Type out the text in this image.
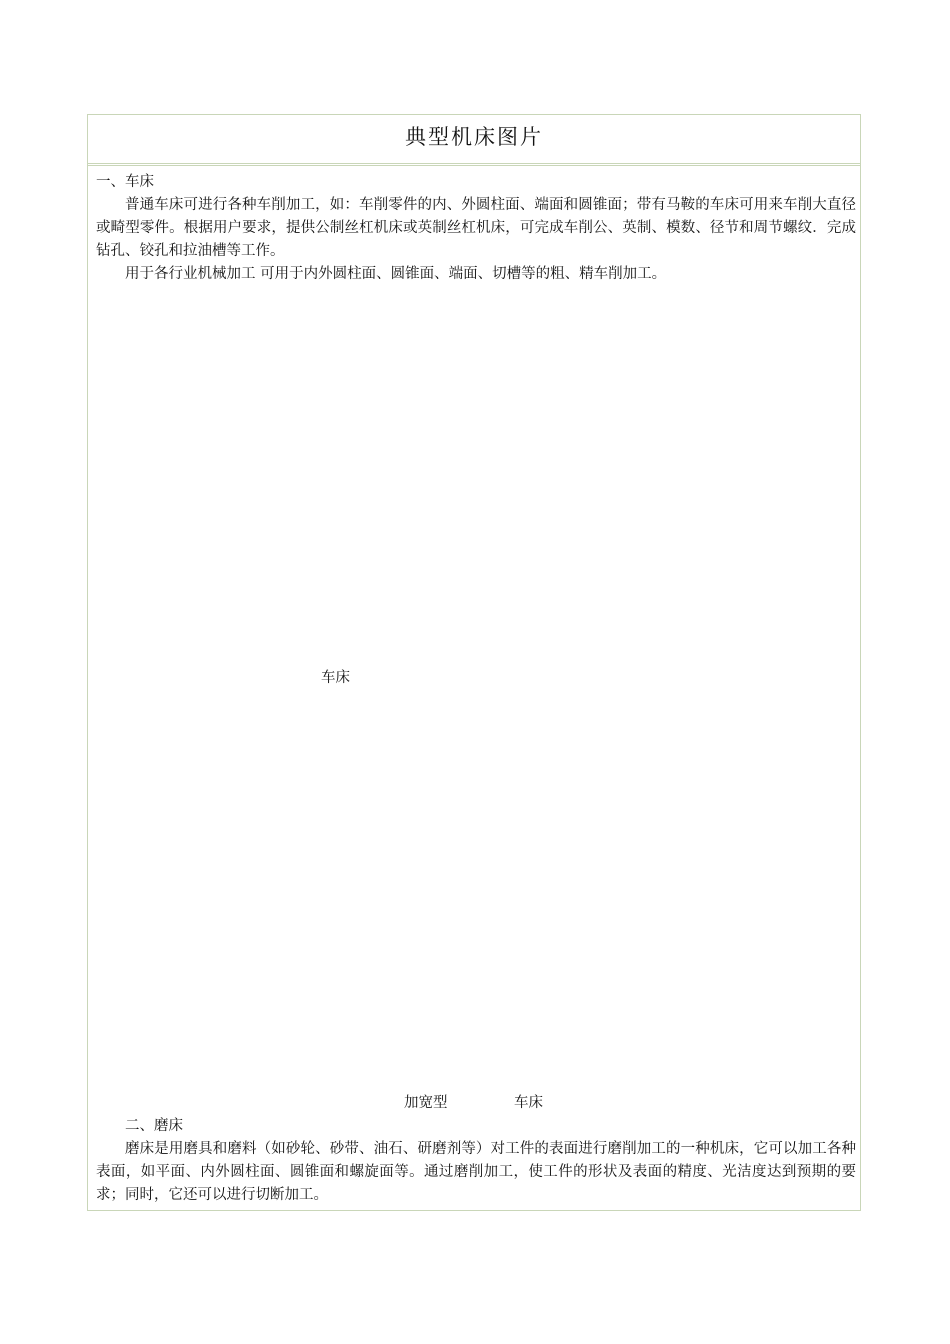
典型机床图片

一、车床

普通车床可进行各种车削加工，如：车削零件的内、外圆柱面、端面和圆锥面；带有马鞍的车床可用来车削大直径或畸型零件。根据用户要求，提供公制丝杠机床或英制丝杠机床，可完成车削公、英制、模数、径节和周节螺纹．完成钻孔、铰孔和拉油槽等工作。

用于各行业机械加工 可用于内外圆柱面、圆锥面、端面、切槽等的粗、精车削加工。

车床
加宽型	车床

二、磨床

磨床是用磨具和磨料（如砂轮、砂带、油石、研磨剂等）对工件的表面进行磨削加工的一种机床，它可以加工各种表面，如平面、内外圆柱面、圆锥面和螺旋面等。通过磨削加工，使工件的形状及表面的精度、光洁度达到预期的要求；同时，它还可以进行切断加工。
